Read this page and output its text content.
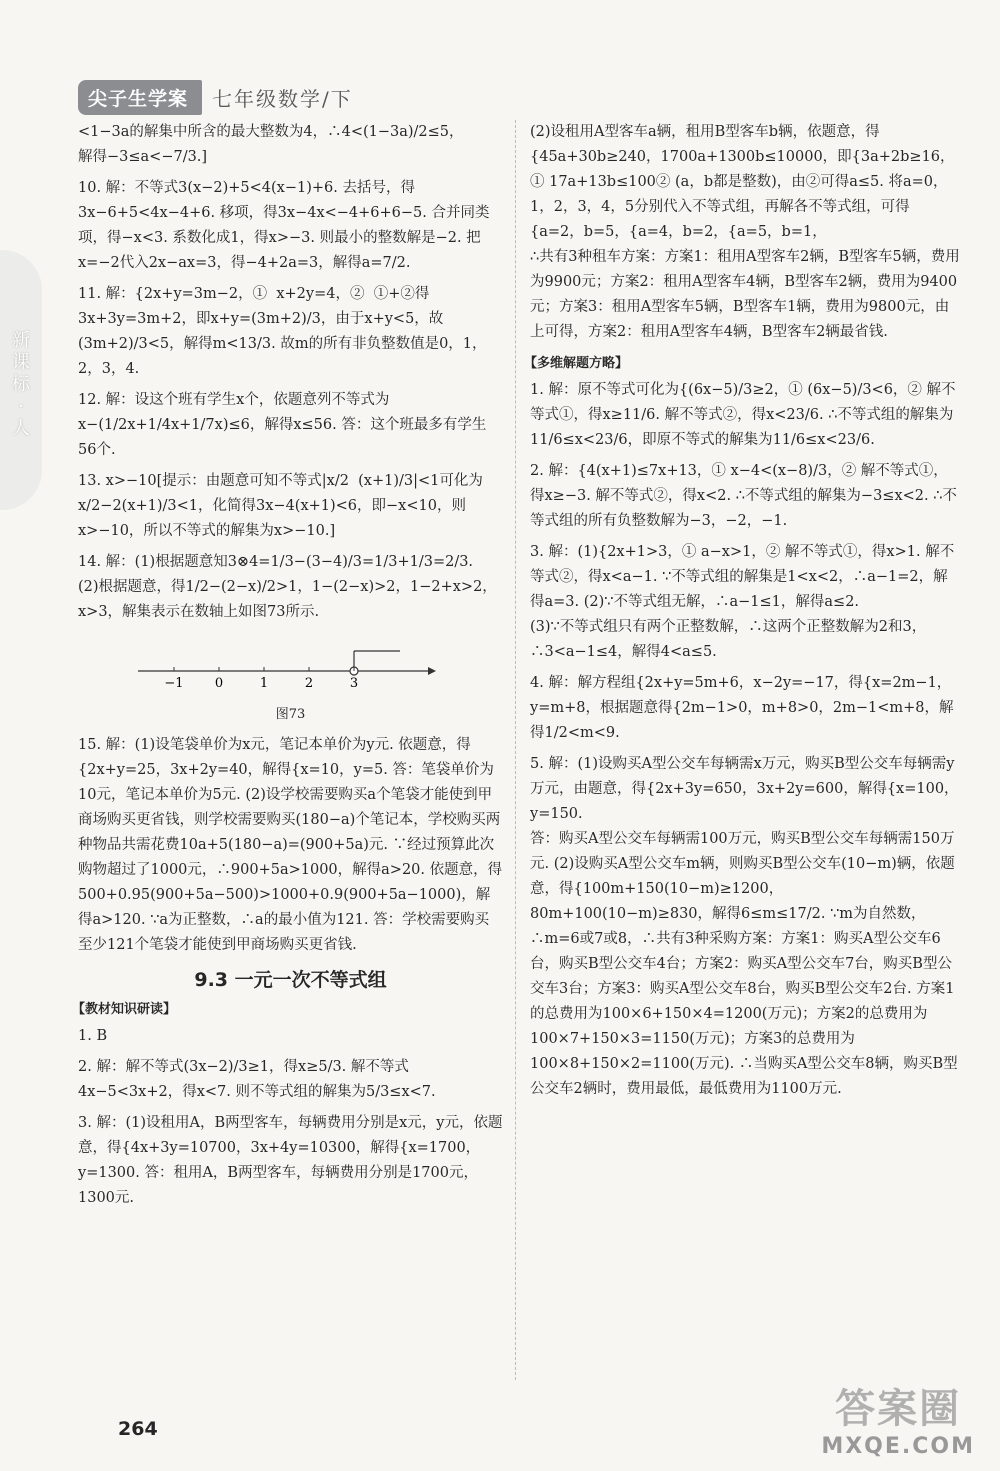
尖子生学案	七年级数学/下
新课标·人
<1−3a的解集中所含的最大整数为4，∴4<(1−3a)/2≤5，
解得−3≤a<−7/3.]
10. 解：不等式3(x−2)+5<4(x−1)+6. 去括号，得3x−6+5<4x−4+6. 移项，得3x−4x<−4+6+6−5. 合并同类项，得−x<3. 系数化成1，得x>−3. 则最小的整数解是−2. 把x=−2代入2x−ax=3，得−4+2a=3，解得a=7/2.
11. 解：{2x+y=3m−2，①  x+2y=4，②  ①+②得3x+3y=3m+2，即x+y=(3m+2)/3，由于x+y<5，故(3m+2)/3<5，解得m<13/3. 故m的所有非负整数值是0，1，2，3，4.
12. 解：设这个班有学生x个，依题意列不等式为x−(1/2x+1/4x+1/7x)≤6，解得x≤56. 答：这个班最多有学生56个.
13. x>−10[提示：由题意可知不等式|x/2  (x+1)/3|<1可化为x/2−2(x+1)/3<1，化简得3x−4(x+1)<6，即−x<10，则x>−10，所以不等式的解集为x>−10.]
14. 解：(1)根据题意知3⊗4=1/3−(3−4)/3=1/3+1/3=2/3.
(2)根据题意，得1/2−(2−x)/2>1，1−(2−x)>2，1−2+x>2，x>3，解集表示在数轴上如图73所示.
−1 0	1	2	3
图73
15. 解：(1)设笔袋单价为x元，笔记本单价为y元. 依题意，得{2x+y=25，3x+2y=40，解得{x=10，y=5. 答：笔袋单价为10元，笔记本单价为5元. (2)设学校需要购买a个笔袋才能使到甲商场购买更省钱，则学校需要购买(180−a)个笔记本，学校购买两种物品共需花费10a+5(180−a)=(900+5a)元. ∵经过预算此次购物超过了1000元，∴900+5a>1000，解得a>20. 依题意，得500+0.95(900+5a−500)>1000+0.9(900+5a−1000)，解得a>120. ∵a为正整数，∴a的最小值为121. 答：学校需要购买至少121个笔袋才能使到甲商场购买更省钱.
9.3 一元一次不等式组
【教材知识研读】
1. B
2. 解：解不等式(3x−2)/3≥1，得x≥5/3. 解不等式4x−5<3x+2，得x<7. 则不等式组的解集为5/3≤x<7.
3. 解：(1)设租用A，B两型客车，每辆费用分别是x元，y元，依题意，得{4x+3y=10700，3x+4y=10300，解得{x=1700，y=1300. 答：租用A，B两型客车，每辆费用分别是1700元，1300元.
(2)设租用A型客车a辆，租用B型客车b辆，依题意，得{45a+30b≥240，1700a+1300b≤10000，即{3a+2b≥16，① 17a+13b≤100② (a，b都是整数)，由②可得a≤5. 将a=0，1，2，3，4，5分别代入不等式组，再解各不等式组，可得{a=2，b=5，{a=4，b=2，{a=5，b=1，
∴共有3种租车方案：方案1：租用A型客车2辆，B型客车5辆，费用为9900元；方案2：租用A型客车4辆，B型客车2辆，费用为9400元；方案3：租用A型客车5辆，B型客车1辆，费用为9800元，由上可得，方案2：租用A型客车4辆，B型客车2辆最省钱.
【多维解题方略】
1. 解：原不等式可化为{(6x−5)/3≥2，① (6x−5)/3<6，② 解不等式①，得x≥11/6. 解不等式②，得x<23/6. ∴不等式组的解集为11/6≤x<23/6，即原不等式的解集为11/6≤x<23/6.
2. 解：{4(x+1)≤7x+13，① x−4<(x−8)/3，② 解不等式①，得x≥−3. 解不等式②，得x<2. ∴不等式组的解集为−3≤x<2. ∴不等式组的所有负整数解为−3，−2，−1.
3. 解：(1){2x+1>3，① a−x>1，② 解不等式①，得x>1. 解不等式②，得x<a−1. ∵不等式组的解集是1<x<2，∴a−1=2，解得a=3. (2)∵不等式组无解，∴a−1≤1，解得a≤2.
(3)∵不等式组只有两个正整数解，∴这两个正整数解为2和3，∴3<a−1≤4，解得4<a≤5.
4. 解：解方程组{2x+y=5m+6，x−2y=−17，得{x=2m−1，y=m+8，根据题意得{2m−1>0，m+8>0，2m−1<m+8，解得1/2<m<9.
5. 解：(1)设购买A型公交车每辆需x万元，购买B型公交车每辆需y万元，由题意，得{2x+3y=650，3x+2y=600，解得{x=100，y=150.
答：购买A型公交车每辆需100万元，购买B型公交车每辆需150万元. (2)设购买A型公交车m辆，则购买B型公交车(10−m)辆，依题意，得{100m+150(10−m)≥1200，80m+100(10−m)≥830，解得6≤m≤17/2. ∵m为自然数，∴m=6或7或8，∴共有3种采购方案：方案1：购买A型公交车6台，购买B型公交车4台；方案2：购买A型公交车7台，购买B型公交车3台；方案3：购买A型公交车8台，购买B型公交车2台. 方案1的总费用为100×6+150×4=1200(万元)；方案2的总费用为100×7+150×3=1150(万元)；方案3的总费用为100×8+150×2=1100(万元). ∴当购买A型公交车8辆，购买B型公交车2辆时，费用最低，最低费用为1100万元.
264	答案圈
MXQE.COM
